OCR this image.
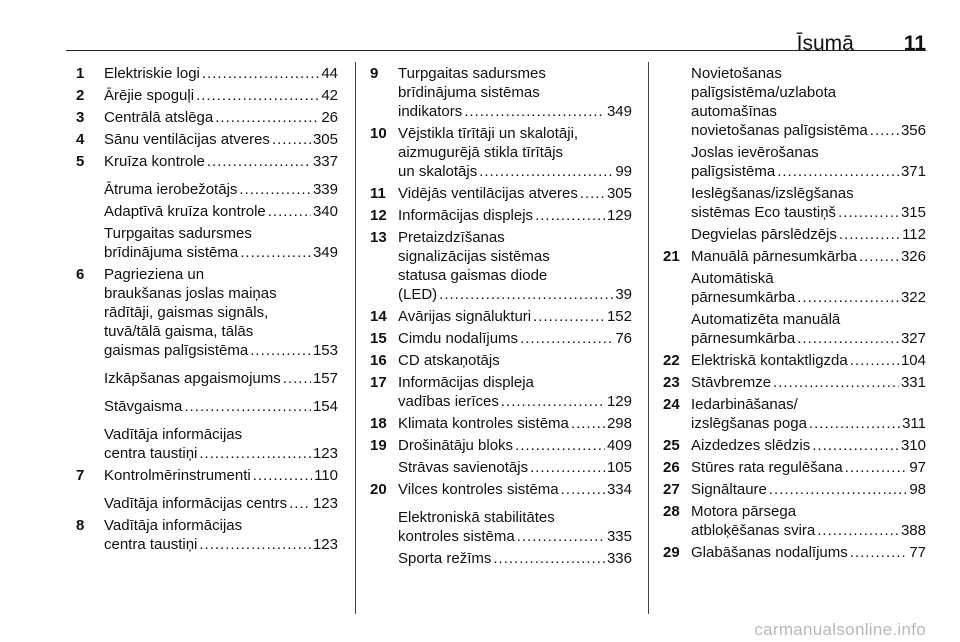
Īsumā 11
1	Elektriskie logi .....	44
2	Ārējie spoguļi .....	42
3	Centrālā atslēga .....	26
4	Sānu ventilācijas atveres .....	305
5	Kruīza kontrole .....	337
Ātruma ierobežotājs .....	339
Adaptīvā kruīza kontrole .....	340
Turpgaitas sadursmes
brīdinājuma sistēma .....	349
6	Pagrieziena un
braukšanas joslas maiņas
rādītāji, gaismas signāls,
tuvā/tālā gaisma, tālās
gaismas palīgsistēma .....	153
Izkāpšanas apgaismojums ..... 157
Stāvgaisma .....	154
Vadītāja informācijas
centra taustiņi .....	123
7	Kontrolmērinstrumenti .....	110
Vadītāja informācijas centrs ..... 123
8	Vadītāja informācijas
centra taustiņi .....	123
9	Turpgaitas sadursmes
brīdinājuma sistēmas
indikators .....	349
10 Vējstikla tīrītāji un skalotāji,
aizmugurējā stikla tīrītājs
un skalotājs .....	99
11 Vidējās ventilācijas atveres ..... 305
12 Informācijas displejs .....	129
13 Pretaizdzīšanas
signalizācijas sistēmas
statusa gaismas diode
(LED) .....	39
14 Avārijas signālukturi .....	152
15 Cimdu nodalījums .....	76
16 CD atskaņotājs
17 Informācijas displeja
vadības ierīces .....	129
18 Klimata kontroles sistēma .....	298
19 Drošinātāju bloks .....	409
Strāvas savienotājs .....	105
20 Vilces kontroles sistēma .....	334
Elektroniskā stabilitātes
kontroles sistēma .....	335
Sporta režīms .....	336
Novietošanas
palīgsistēma/uzlabota
automašīnas
novietošanas palīgsistēma ..... 356
Joslas ievērošanas
palīgsistēma .....	371
Ieslēgšanas/izslēgšanas
sistēmas Eco taustiņš .....	315
Degvielas pārslēdzējs .....	112
21 Manuālā pārnesumkārba .....	326
Automātiskā
pārnesumkārba .....	322
Automatizēta manuālā
pārnesumkārba .....	327
22 Elektriskā kontaktligzda .....	104
23 Stāvbremze .....	331
24 Iedarbināšanas/
izslēgšanas poga .....	311
25 Aizdedzes slēdzis .....	310
26 Stūres rata regulēšana .....	97
27 Signāltaure .....	98
28 Motora pārsega
atbloķēšanas svira .....	388
29 Glabāšanas nodalījums .....	77
carmanualsonline.info
